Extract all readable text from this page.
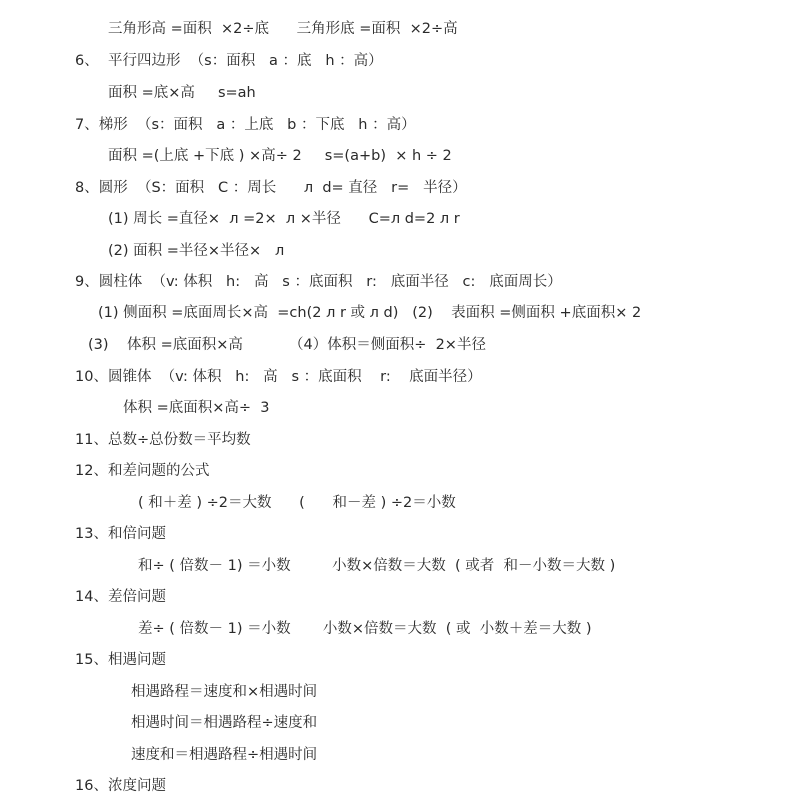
三角形高 =面积  ×2÷底      三角形底 =面积  ×2÷高
6、  平行四边形  （s：面积   a ：底   h ：高）
面积 =底×高     s=ah
7、梯形  （s：面积   a ：上底   b ：下底   h ：高）
面积 =(上底 +下底 ) ×高÷ 2     s=(a+b)  × h ÷ 2
8、圆形  （S：面积   C ：周长      л  d= 直径   r=   半径）
(1) 周长 =直径×  л =2×  л ×半径      C=л d=2 л r
(2) 面积 =半径×半径×   л
9、圆柱体  （v: 体积   h:   高   s ：底面积   r:   底面半径   c:   底面周长）
(1) 侧面积 =底面周长×高  =ch(2 л r 或 л d)   (2)    表面积 =侧面积 +底面积× 2
(3)    体积 =底面积×高          （4）体积＝侧面积÷  2×半径
10、圆锥体  （v: 体积   h:   高   s ：底面积    r:    底面半径）
体积 =底面积×高÷  3
11、总数÷总份数＝平均数
12、和差问题的公式
( 和＋差 ) ÷2＝大数      (      和－差 ) ÷2＝小数
13、和倍问题
和÷ ( 倍数－ 1) ＝小数         小数×倍数＝大数  ( 或者  和－小数＝大数 )
14、差倍问题
差÷ ( 倍数－ 1) ＝小数       小数×倍数＝大数  ( 或  小数＋差＝大数 )
15、相遇问题
相遇路程＝速度和×相遇时间
相遇时间＝相遇路程÷速度和
速度和＝相遇路程÷相遇时间
16、浓度问题
